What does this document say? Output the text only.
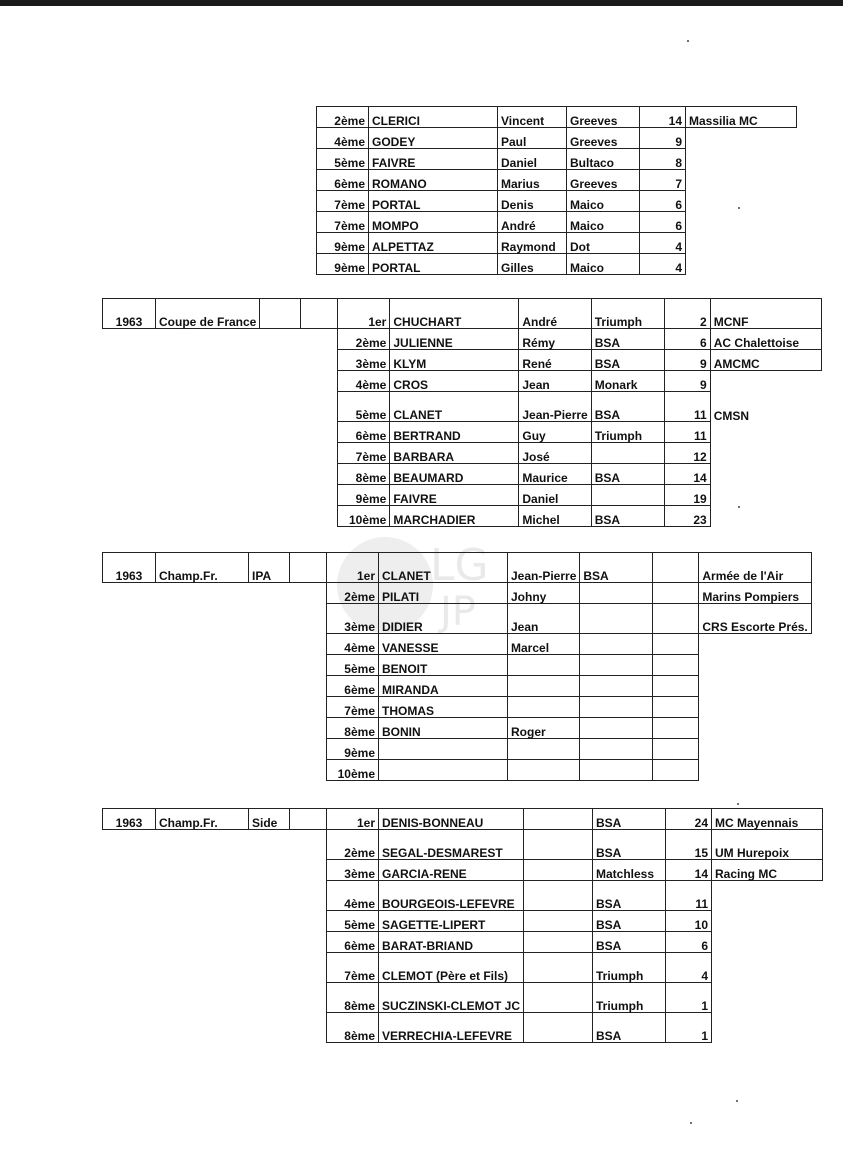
LG
JP
2ème	CLERICI	Vincent	Greeves	14	Massilia MC
4ème	GODEY	Paul	Greeves	9	
5ème	FAIVRE	Daniel	Bultaco	8	
6ème	ROMANO	Marius	Greeves	7	
7ème	PORTAL	Denis	Maico	6	
7ème	MOMPO	André	Maico	6	
9ème	ALPETTAZ	Raymond	Dot	4	
9ème	PORTAL	Gilles	Maico	4	
1963	Coupe de France			1er	CHUCHART	André	Triumph	2	MCNF
				2ème	JULIENNE	Rémy	BSA	6	AC Chalettoise
				3ème	KLYM	René	BSA	9	AMCMC
				4ème	CROS	Jean	Monark	9	
				5ème	CLANET	Jean-Pierre	BSA	11	CMSN
				6ème	BERTRAND	Guy	Triumph	11	
				7ème	BARBARA	José		12	
				8ème	BEAUMARD	Maurice	BSA	14	
				9ème	FAIVRE	Daniel		19	
				10ème	MARCHADIER	Michel	BSA	23	
1963	Champ.Fr.	IPA		1er	CLANET	Jean-Pierre	BSA		Armée de l'Air
				2ème	PILATI	Johny			Marins Pompiers
				3ème	DIDIER	Jean			CRS Escorte Prés.
				4ème	VANESSE	Marcel			
				5ème	BENOIT				
				6ème	MIRANDA				
				7ème	THOMAS				
				8ème	BONIN	Roger			
				9ème					
				10ème					
1963	Champ.Fr.	Side		1er	DENIS-BONNEAU		BSA	24	MC Mayennais
				2ème	SEGAL-DESMAREST		BSA	15	UM Hurepoix
				3ème	GARCIA-RENE		Matchless	14	Racing MC
				4ème	BOURGEOIS-LEFEVRE		BSA	11	
				5ème	SAGETTE-LIPERT		BSA	10	
				6ème	BARAT-BRIAND		BSA	6	
				7ème	CLEMOT (Père et Fils)		Triumph	4	
				8ème	SUCZINSKI-CLEMOT JC		Triumph	1	
				8ème	VERRECHIA-LEFEVRE		BSA	1	
